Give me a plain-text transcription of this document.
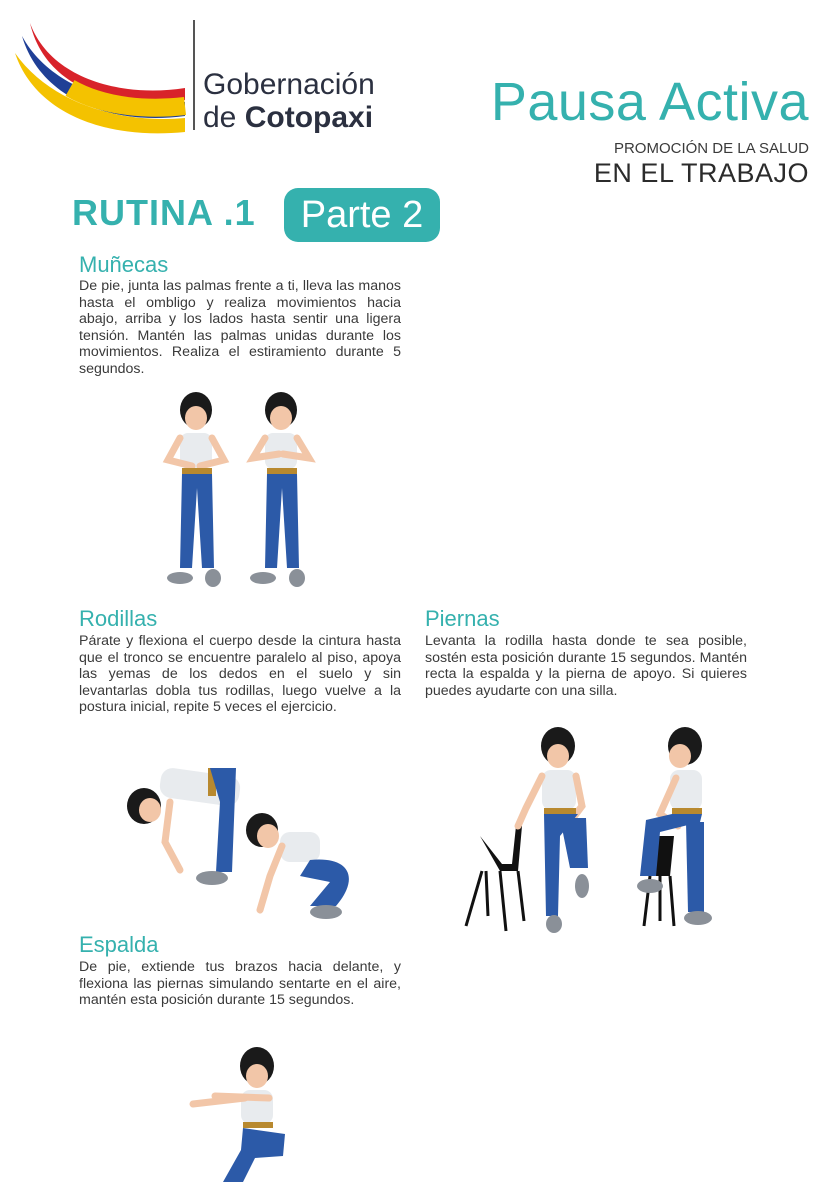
Gobernación
de Cotopaxi Pausa Activa
PROMOCIÓN DE LA SALUD
EN EL TRABAJO
RUTINA .1	Parte 2
Muñecas
De pie, junta las palmas frente a ti, lleva las manos hasta el ombligo y realiza movimientos hacia abajo, arriba y los lados hasta sentir una ligera tensión. Mantén las palmas unidas durante los movimientos. Realiza el estiramiento durante 5 segundos.
Rodillas
Párate y flexiona el cuerpo desde la cintura hasta que el tronco se encuentre paralelo al piso, apoya las yemas de los dedos en el suelo y sin levantarlas dobla tus rodillas, luego vuelve a la postura inicial, repite 5 veces el ejercicio.
Piernas
Levanta la rodilla hasta donde te sea posible, sostén esta posición durante 15 segundos. Mantén recta la espalda y la pierna de apoyo. Si quieres puedes ayudarte con una silla.
Espalda
De pie, extiende tus brazos hacia delante, y flexiona las piernas simulando sentarte en el aire, mantén esta posición durante 15 segundos.
